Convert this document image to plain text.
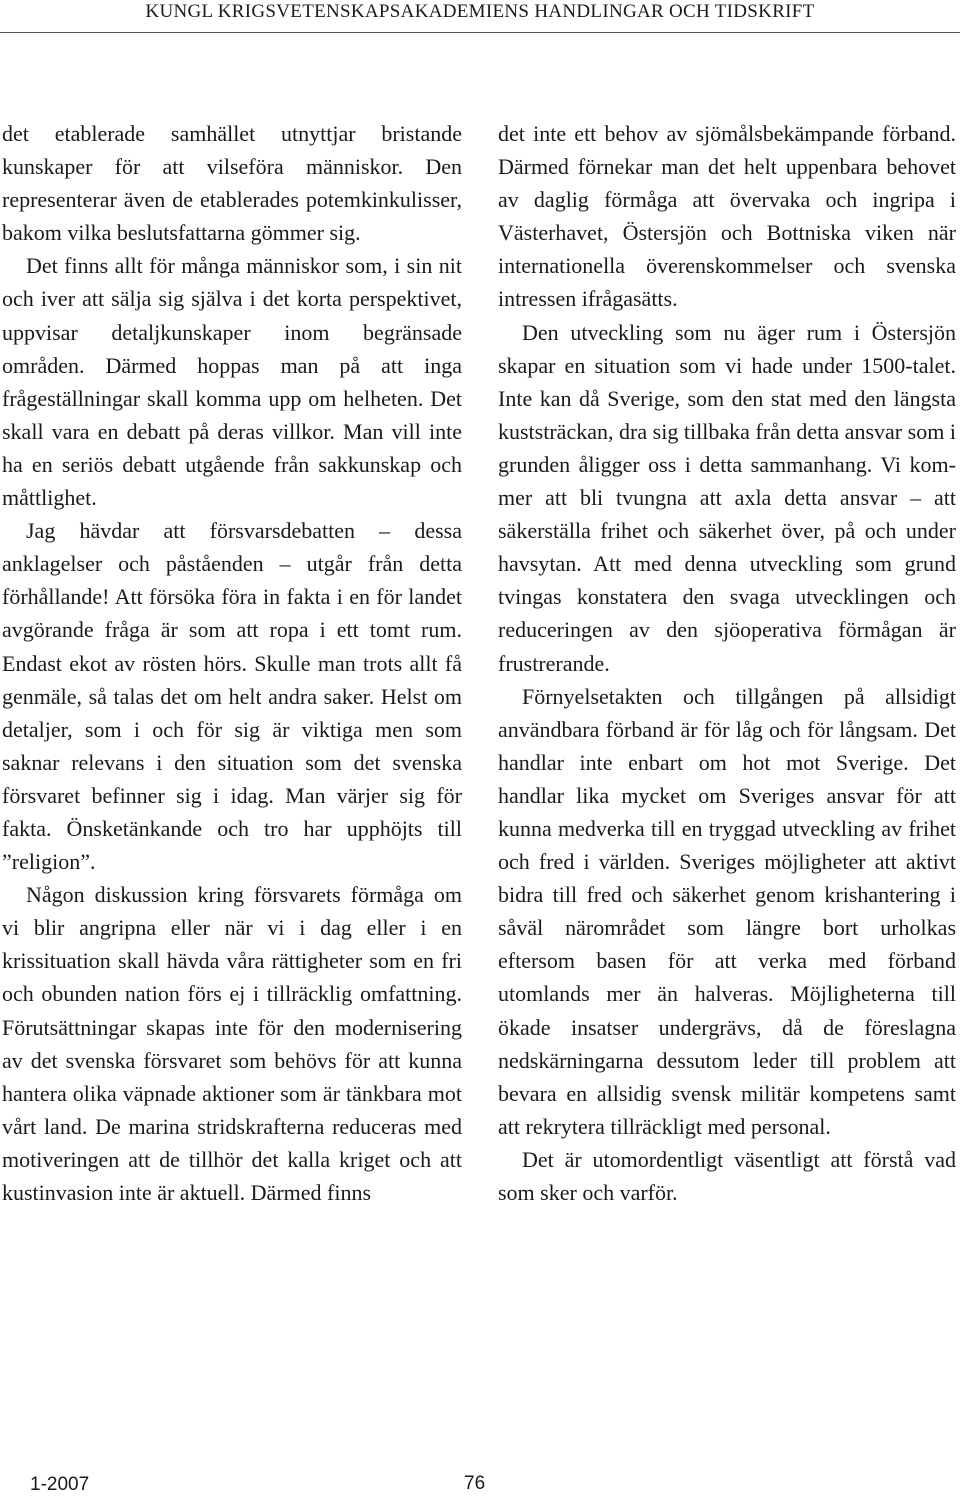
KUNGL KRIGSVETENSKAPSAKADEMIENS HANDLINGAR OCH TIDSKRIFT

det etablerade samhället utnyttjar bristande kunskaper för att vilseföra människor. Den representerar även de etablerades potemkinkulisser, bakom vilka beslutsfattarna gömmer sig.

Det finns allt för många människor som, i sin nit och iver att sälja sig själva i det korta perspektivet, uppvisar detaljkunskaper inom begränsade områden. Därmed hoppas man på att inga frågeställningar skall komma upp om helheten. Det skall vara en debatt på deras villkor. Man vill inte ha en seriös debatt utgående från sakkunskap och måttlighet.

Jag hävdar att försvarsdebatten – dessa anklagelser och påståenden – utgår från detta förhållande! Att försöka föra in fakta i en för landet avgörande fråga är som att ropa i ett tomt rum. Endast ekot av rösten hörs. Skulle man trots allt få genmäle, så talas det om helt andra saker. Helst om detaljer, som i och för sig är viktiga men som saknar relevans i den situation som det svenska försvaret befinner sig i idag. Man värjer sig för fakta. Önsketänkande och tro har upphöjts till ”religion”.

Någon diskussion kring försvarets förmåga om vi blir angripna eller när vi i dag eller i en krissituation skall hävda våra rättigheter som en fri och obunden nation förs ej i tillräcklig omfattning. Förutsättningar skapas inte för den modernisering av det svenska försvaret som behövs för att kunna hantera olika väpnade aktioner som är tänkbara mot vårt land. De marina stridskrafterna reduceras med motiveringen att de tillhör det kalla kriget och att kustinvasion inte är aktuell. Därmed finns

det inte ett behov av sjömålsbekämpande förband. Därmed förnekar man det helt uppenbara behovet av daglig förmåga att övervaka och ingripa i Västerhavet, Östersjön och Bottniska viken när internationella överenskommelser och svenska intressen ifrågasätts.

Den utveckling som nu äger rum i Östersjön skapar en situation som vi hade under 1500-talet. Inte kan då Sverige, som den stat med den längsta kuststräckan, dra sig tillbaka från detta ansvar som i grunden åligger oss i detta sammanhang. Vi kommer att bli tvungna att axla detta ansvar – att säkerställa frihet och säkerhet över, på och under havsytan. Att med denna utveckling som grund tvingas konstatera den svaga utvecklingen och reduceringen av den sjöoperativa förmågan är frustrerande.

Förnyelsetakten och tillgången på allsidigt användbara förband är för låg och för långsam. Det handlar inte enbart om hot mot Sverige. Det handlar lika mycket om Sveriges ansvar för att kunna medverka till en tryggad utveckling av frihet och fred i världen. Sveriges möjligheter att aktivt bidra till fred och säkerhet genom krishantering i såväl närområdet som längre bort urholkas eftersom basen för att verka med förband utomlands mer än halveras. Möjligheterna till ökade insatser undergrävs, då de föreslagna nedskärningarna dessutom leder till problem att bevara en allsidig svensk militär kompetens samt att rekrytera tillräckligt med personal.

Det är utomordentligt väsentligt att förstå vad som sker och varför.

1-2007	76
